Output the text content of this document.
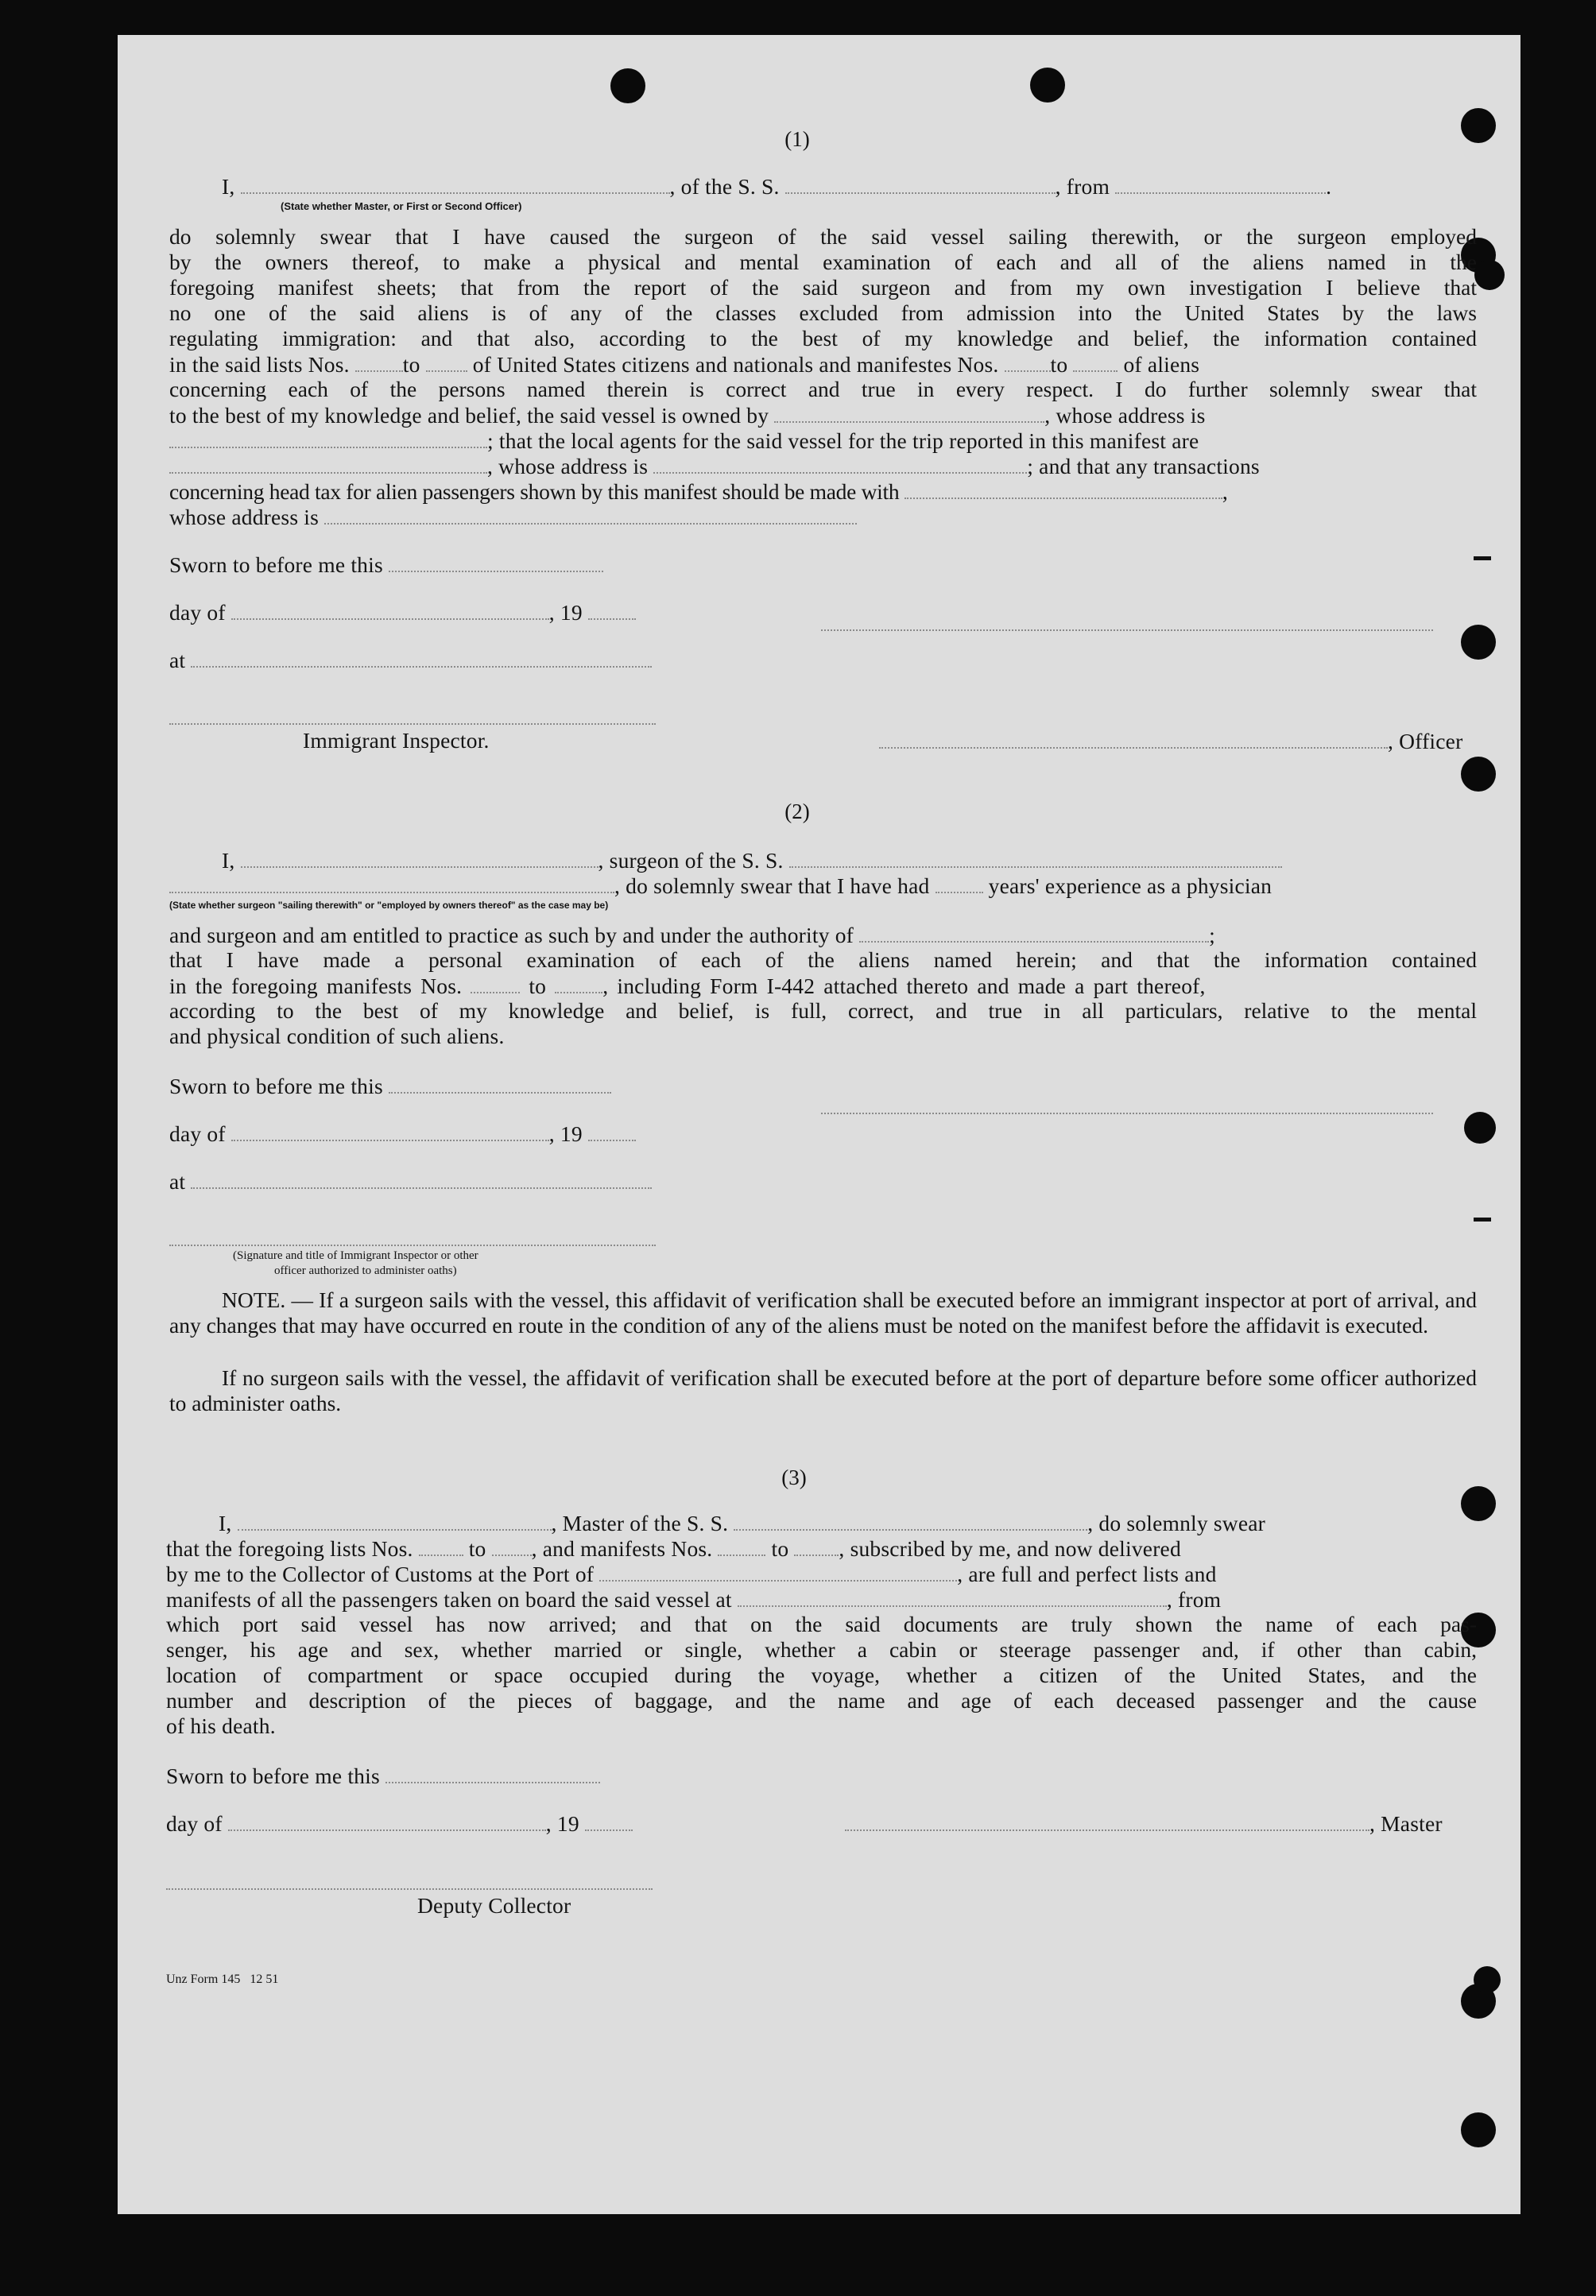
(1)
I,	, of the S. S.	, from	.
(State whether Master, or First or Second Officer)
do solemnly swear that I have caused the surgeon of the said vessel sailing therewith, or the surgeon employed
by the owners thereof, to make a physical and mental examination of each and all of the aliens named in the
foregoing manifest sheets; that from the report of the said surgeon and from my own investigation I believe that
no one of the said aliens is of any of the classes excluded from admission into the United States by the laws
regulating immigration: and that also, according to the best of my knowledge and belief, the information contained
in the said lists Nos. to of United States citizens and nationals and manifestes Nos. to	of aliens
concerning each of the persons named therein is correct and true in every respect. I do further solemnly swear that
to the best of my knowledge and belief, the said vessel is owned by	, whose address is
; that the local agents for the said vessel for the trip reported in this manifest are
, whose address is	; and that any transactions
concerning head tax for alien passengers shown by this manifest should be made with	,
whose address is
Sworn to before me this
day of	, 19
at
Immigrant Inspector.	, Officer
(2)
I,	, surgeon of the S. S.
, do solemnly swear that I have had	years' experience as a physician
(State whether surgeon "sailing therewith" or "employed by owners thereof" as the case may be)
and surgeon and am entitled to practice as such by and under the authority of	;
that I have made a personal examination of each of the aliens named herein; and that the information contained
in the foregoing manifests Nos.	to	, including Form I-442 attached thereto and made a part thereof,
according to the best of my knowledge and belief, is full, correct, and true in all particulars, relative to the mental
and physical condition of such aliens.
Sworn to before me this
day of	, 19
at
(Signature and title of Immigrant Inspector or other
officer authorized to administer oaths)
NOTE. — If a surgeon sails with the vessel, this affidavit of verification shall be executed before an immigrant inspector at port of arrival, and any changes that may have occurred en route in the condition of any of the aliens must be noted on the manifest before the affidavit is executed.
If no surgeon sails with the vessel, the affidavit of verification shall be executed before at the port of departure before some officer authorized to administer oaths.
(3)
I,	, Master of the S. S.	, do solemnly swear
that the foregoing lists Nos.	to , and manifests Nos.	to , subscribed by me, and now delivered
by me to the Collector of Customs at the Port of	, are full and perfect lists and
manifests of all the passengers taken on board the said vessel at	, from
which port said vessel has now arrived; and that on the said documents are truly shown the name of each pas-
senger, his age and sex, whether married or single, whether a cabin or steerage passenger and, if other than cabin,
location of compartment or space occupied during the voyage, whether a citizen of the United States, and the
number and description of the pieces of baggage, and the name and age of each deceased passenger and the cause
of his death.
Sworn to before me this
day of	, 19	, Master
Deputy Collector
Unz Form 145   12 51
